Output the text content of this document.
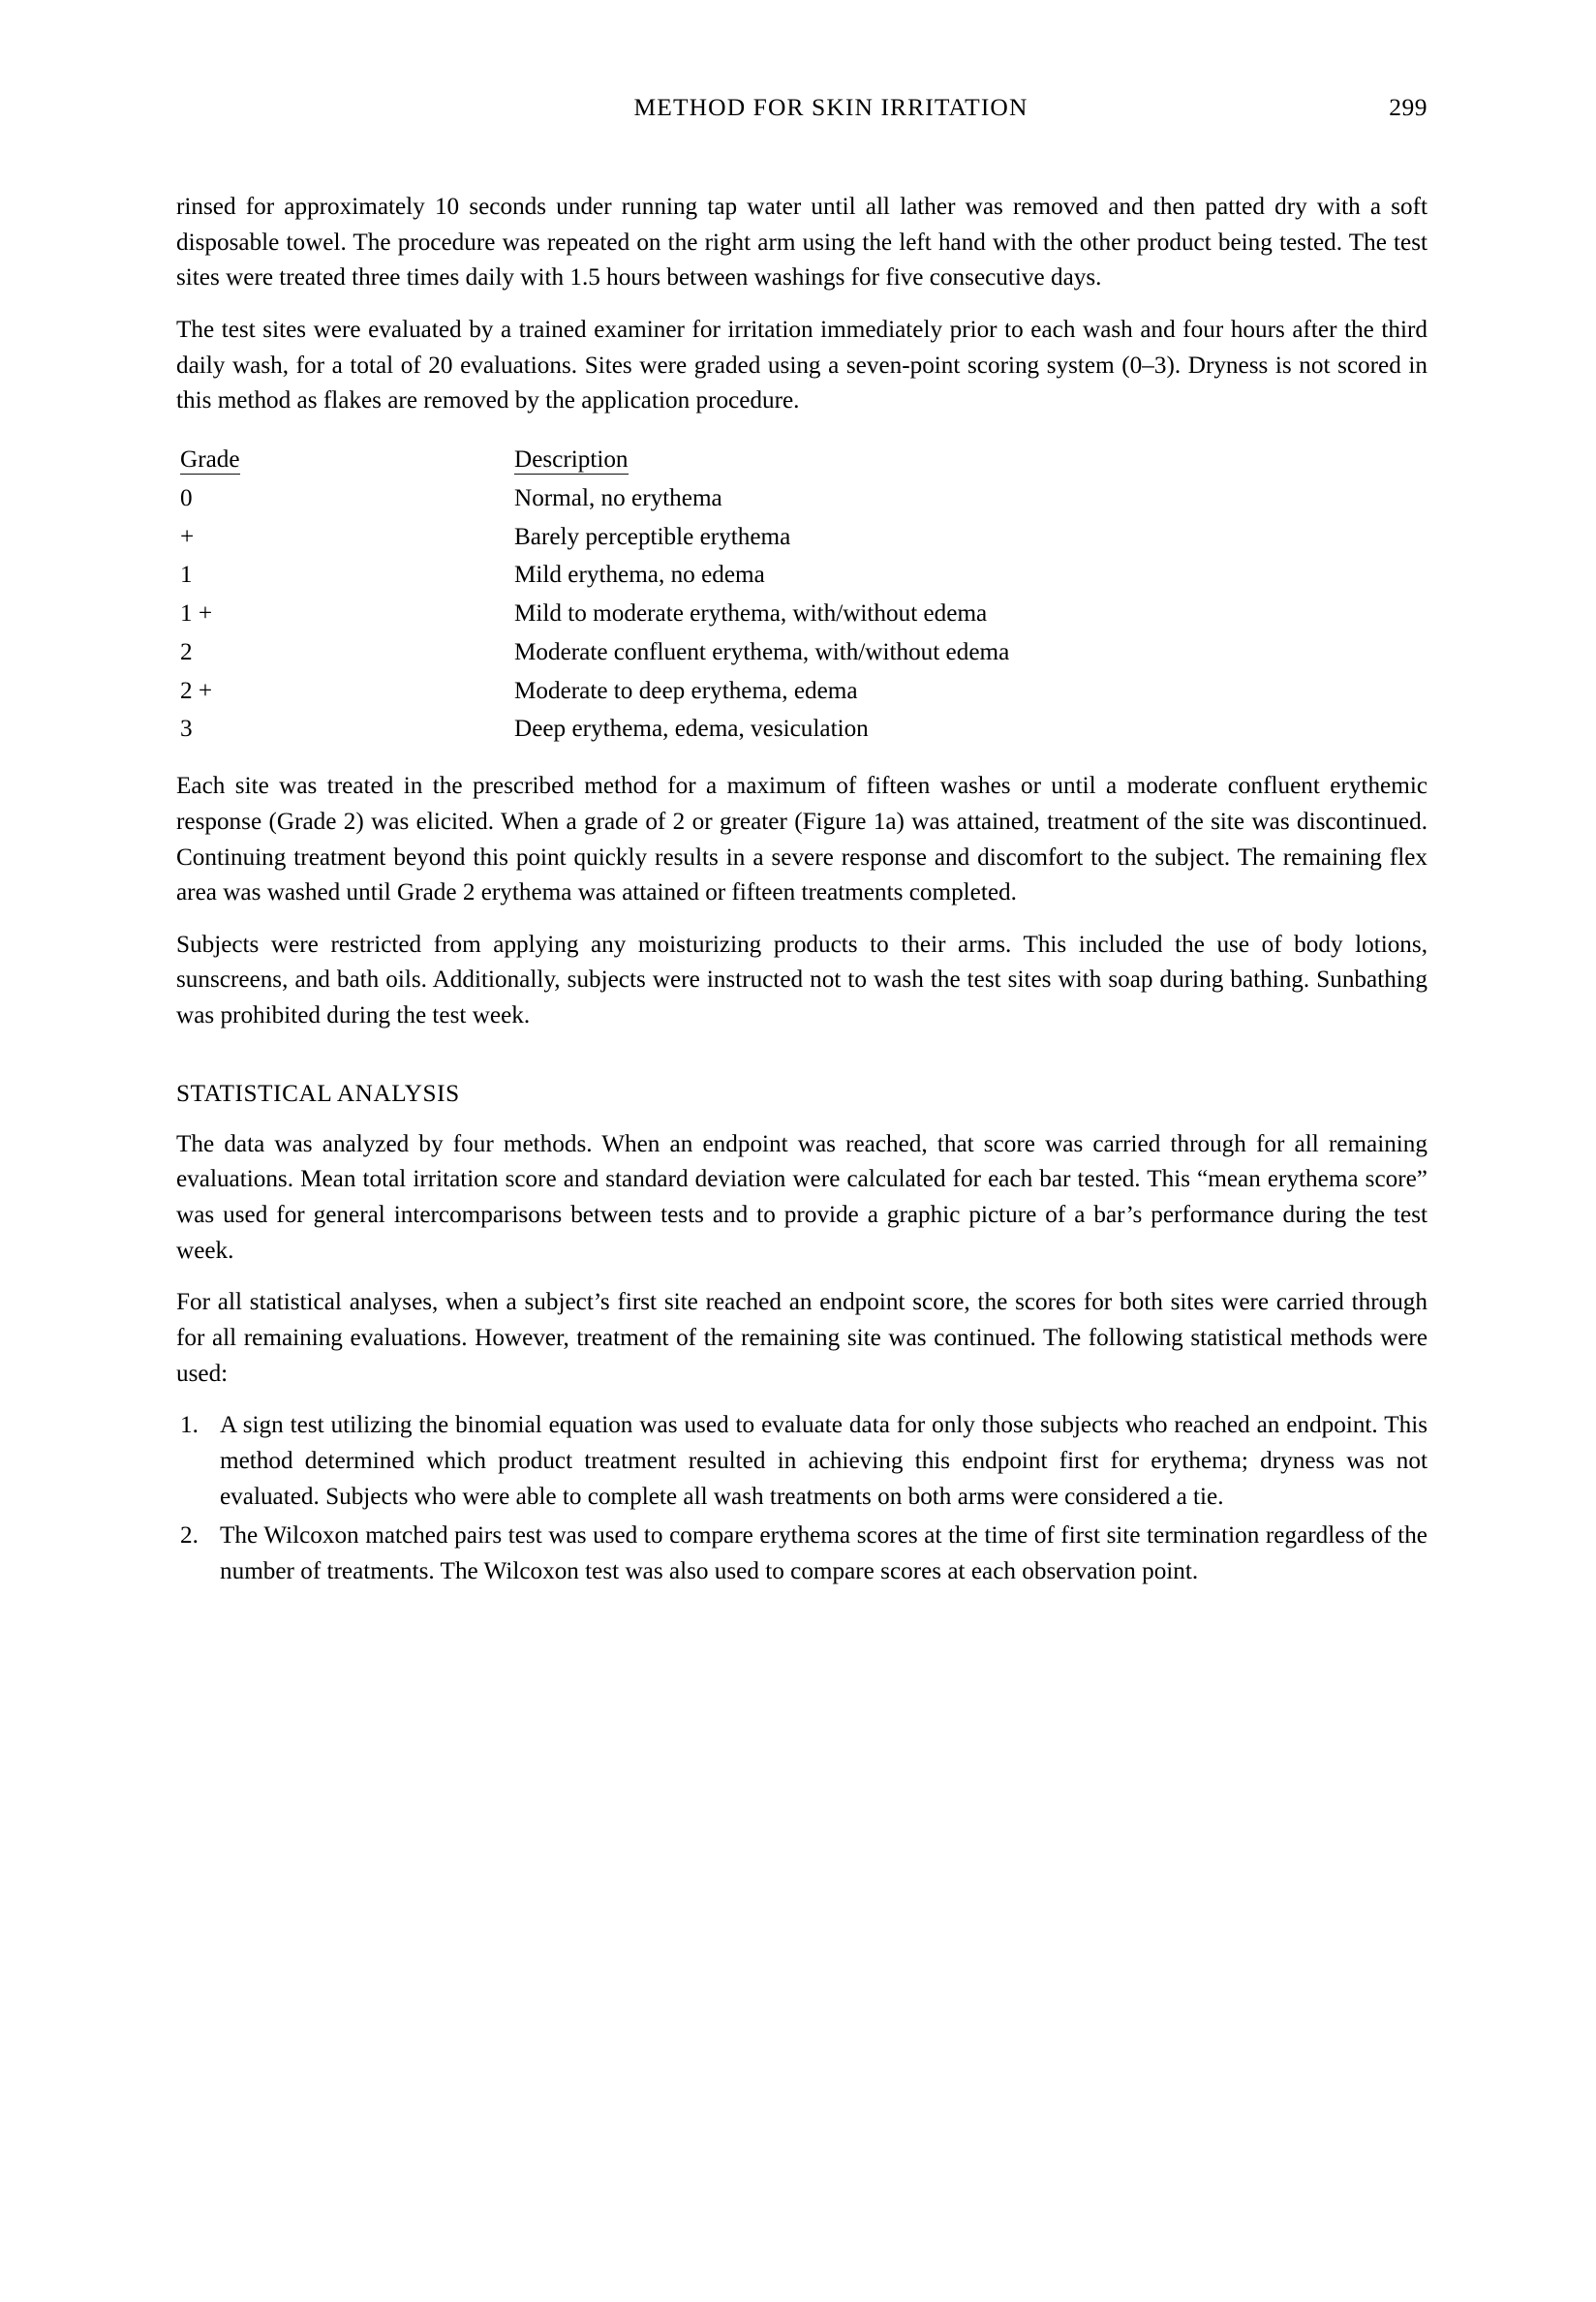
METHOD FOR SKIN IRRITATION	299

rinsed for approximately 10 seconds under running tap water until all lather was removed and then patted dry with a soft disposable towel. The procedure was repeated on the right arm using the left hand with the other product being tested. The test sites were treated three times daily with 1.5 hours between washings for five consecutive days.

The test sites were evaluated by a trained examiner for irritation immediately prior to each wash and four hours after the third daily wash, for a total of 20 evaluations. Sites were graded using a seven-point scoring system (0–3). Dryness is not scored in this method as flakes are removed by the application procedure.

Grade	Description
0	Normal, no erythema
+	Barely perceptible erythema
1	Mild erythema, no edema
1 +	Mild to moderate erythema, with/without edema
2	Moderate confluent erythema, with/without edema
2 +	Moderate to deep erythema, edema
3	Deep erythema, edema, vesiculation

Each site was treated in the prescribed method for a maximum of fifteen washes or until a moderate confluent erythemic response (Grade 2) was elicited. When a grade of 2 or greater (Figure 1a) was attained, treatment of the site was discontinued. Continuing treatment beyond this point quickly results in a severe response and discomfort to the subject. The remaining flex area was washed until Grade 2 erythema was attained or fifteen treatments completed.

Subjects were restricted from applying any moisturizing products to their arms. This included the use of body lotions, sunscreens, and bath oils. Additionally, subjects were instructed not to wash the test sites with soap during bathing. Sunbathing was prohibited during the test week.

STATISTICAL ANALYSIS

The data was analyzed by four methods. When an endpoint was reached, that score was carried through for all remaining evaluations. Mean total irritation score and standard deviation were calculated for each bar tested. This “mean erythema score” was used for general intercomparisons between tests and to provide a graphic picture of a bar’s performance during the test week.

For all statistical analyses, when a subject’s first site reached an endpoint score, the scores for both sites were carried through for all remaining evaluations. However, treatment of the remaining site was continued. The following statistical methods were used:

1. A sign test utilizing the binomial equation was used to evaluate data for only those subjects who reached an endpoint. This method determined which product treatment resulted in achieving this endpoint first for erythema; dryness was not evaluated. Subjects who were able to complete all wash treatments on both arms were considered a tie.
2. The Wilcoxon matched pairs test was used to compare erythema scores at the time of first site termination regardless of the number of treatments. The Wilcoxon test was also used to compare scores at each observation point.
